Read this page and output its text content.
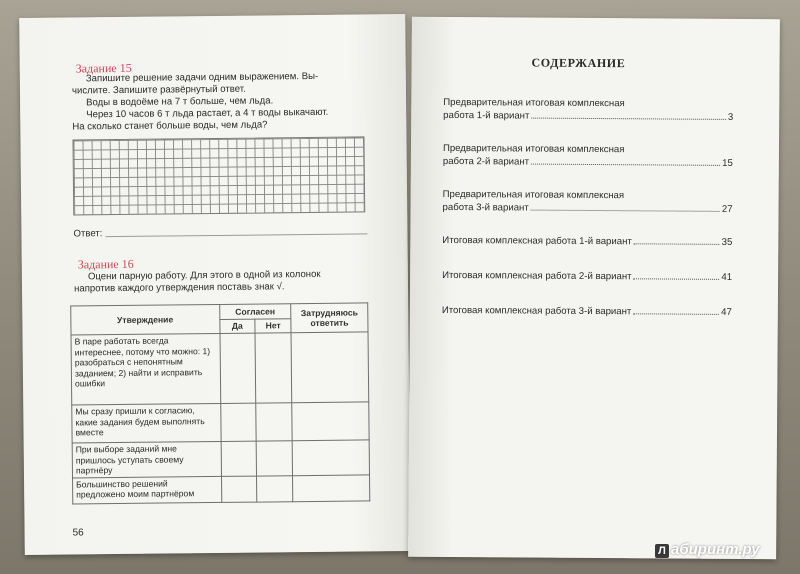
Задание 15
Запишите решение задачи одним выражением. Вы-
числите. Запишите развёрнутый ответ.
Воды в водоёме на 7 т больше, чем льда.
Через 10 часов 6 т льда растает, а 4 т воды выкачают.
На сколько станет больше воды, чем льда?
Ответ:
Задание 16
Оцени парную работу. Для этого в одной из колонок
напротив каждого утверждения поставь знак √.
Утверждение	Согласен		Затрудняюсь ответить
	Да	Нет	
В паре работать всегда интереснее, потому что можно: 1) разобраться с непонятным заданием; 2) найти и исправить ошибки			
Мы сразу пришли к согласию, какие задания будем выполнять вместе			
При выборе заданий мне пришлось уступать своему партнёру			
Большинство решений предложено моим партнёром			
56
СОДЕРЖАНИЕ
Предварительная итоговая комплексная
работа 1-й вариант	3
Предварительная итоговая комплексная
работа 2-й вариант	15
Предварительная итоговая комплексная
работа 3-й вариант	27
Итоговая комплексная работа 1-й вариант	35
Итоговая комплексная работа 2-й вариант	41
Итоговая комплексная работа 3-й вариант	47
Л абиринт.ру
